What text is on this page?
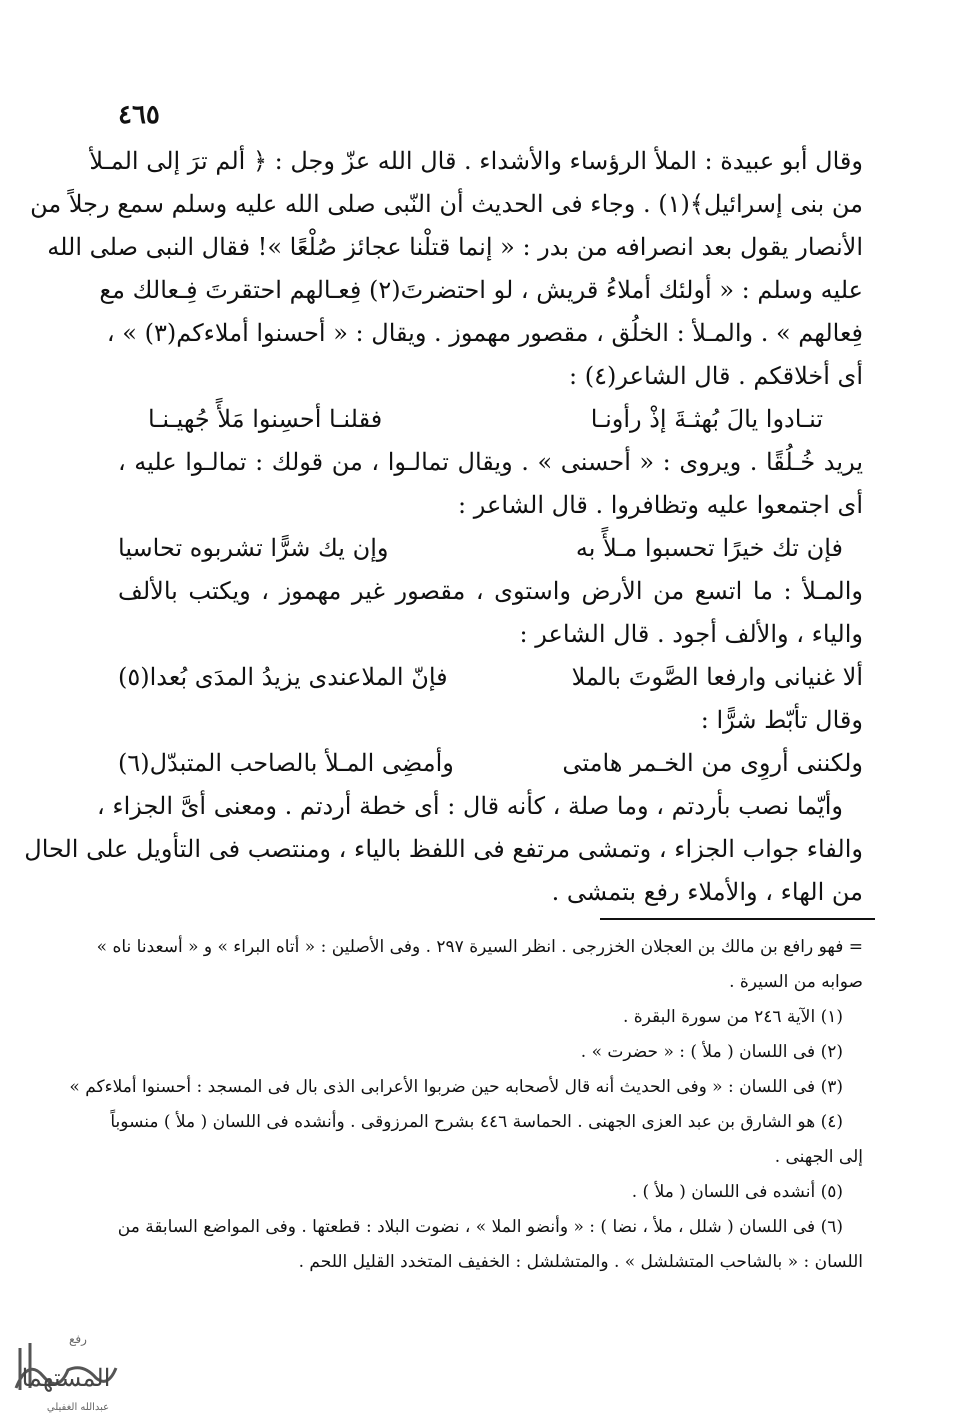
٤٦٥
وقال أبو عبيدة : الملأ الرؤساء والأشداء . قال الله عزّ وجل : ﴿ ألم ترَ إلى المـلأ
من بنى إسرائيل﴾(١) . وجاء فى الحديث أن النّبى صلى الله عليه وسلم سمع رجلاً من
الأنصار يقول بعد انصرافه من بدر : « إنما قتلْنا عجائز صُلْعًا »! فقال النبى صلى الله
عليه وسلم : « أولئك أملاءُ قريش ، لو احتضرتَ(٢) فِعـالهم احتقرتَ فِـعالك مع
فِعالهم » . والمـلأ : الخلُق ، مقصور مهموز . ويقال : « أحسنوا أملاءكم(٣) » ،
أى أخلاقكم . قال الشاعر(٤) :
تنـادوا يالَ بُهثـةَ إذْ رأونـا
فقلنـا أحسِنوا مَلأً جُهيـنـا
يريد خُـلُقًا . ويروى : « أحسنى » . ويقال تمالـوا ، من قولك : تمالـوا عليه ،
أى اجتمعوا عليه وتظافروا . قال الشاعر :
فإن تك خيرًا تحسبوا مـلأً به
وإن يك شرًّا تشربوه تحاسيا
والمـلأ : ما اتسع من الأرض واستوى ، مقصور غير مهموز ، ويكتب بالألف
والياء ، والألف أجود . قال الشاعر :
ألا غنيانى وارفعا الصَّوتَ بالملا
فإنّ الملاعندى يزيدُ المدَى بُعدا(٥)
وقال تأبّط شرًّا :
ولكننى أروِى من الخـمر هامتى
وأمضِى المـلأ بالصاحب المتبدّل(٦)
وأيّما نصب بأردتم ، وما صلة ، كأنه قال : أى خطة أردتم . ومعنى أىَّ الجزاء ،
والفاء جواب الجزاء ، وتمشى مرتفع فى اللفظ بالياء ، ومنتصب فى التأويل على الحال
من الهاء ، والأملاء رفع بتمشى .
= فهو رافع بن مالك بن العجلان الخزرجى . انظر السيرة ٢٩٧ . وفى الأصلين : « أتاه البراء » و « أسعدنا ناه »
صوابه من السيرة .
(١) الآية ٢٤٦ من سورة البقرة .
(٢) فى اللسان ( ملأ ) : « حضرت » .
(٣) فى اللسان : « وفى الحديث أنه قال لأصحابه حين ضربوا الأعرابى الذى بال فى المسجد : أحسنوا أملاءكم »
(٤) هو الشارق بن عبد العزى الجهنى . الحماسة ٤٤٦ بشرح المرزوقى . وأنشده فى اللسان ( ملأ ) منسوباً
إلى الجهنى .
(٥) أنشده فى اللسان ( ملأ ) .
(٦) فى اللسان ( شلل ، ملأ ، نضا ) : « وأنضو الملا » ، نضوت البلاد : قطعتها . وفى المواضع السابقة من
اللسان : « بالشاحب المتشلشل » . والمتشلشل : الخفيف المتخدد القليل اللحم .
رفع
المستهما
عبدالله الغفيلي
